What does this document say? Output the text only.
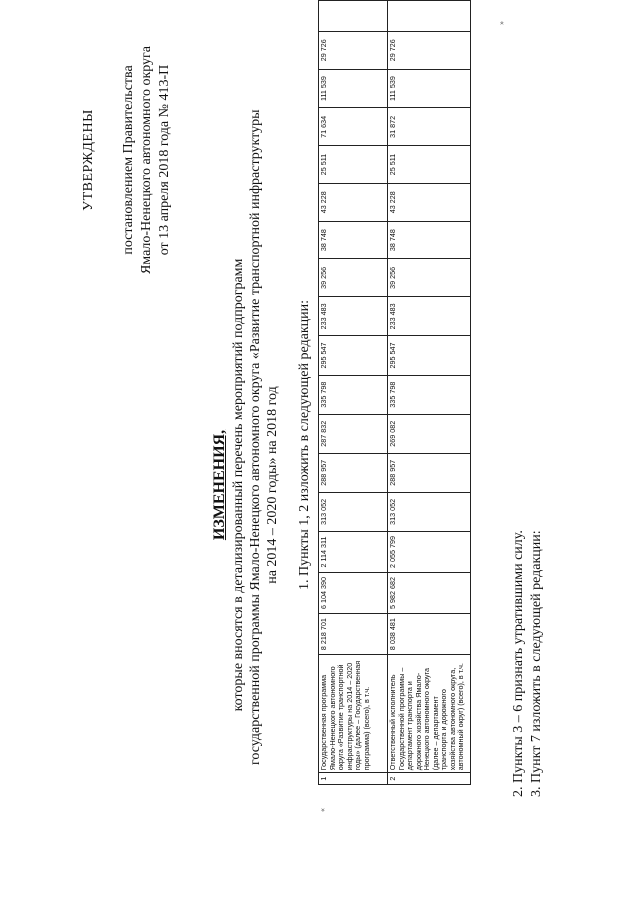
УТВЕРЖДЕНЫ постановлением Правительства Ямало-Ненецкого автономного округа от 13 апреля 2018 года № 413-П
ИЗМЕНЕНИЯ, которые вносятся в детализированный перечень мероприятий подпрограмм государственной программы Ямало-Ненецкого автономного округа «Развитие транспортной инфраструктуры на 2014 – 2020 годы» на 2018 год 1. Пункты 1, 2 изложить в следующей редакции:
«
1	Государственная программа Ямало-Ненецкого автономного округа «Развитие транспортной инфраструктуры на 2014 – 2020 годы» (далее – Государственная программа) (всего), в т.ч.	8 218 701	6 104 390	2 114 311	313 052	288 957	287 832	335 798	295 547	233 483	39 256	38 748	43 228	25 511	71 634	111 539	29 726	
2	Ответственный исполнитель Государственной программы – департамент транспорта и дорожного хозяйства Ямало-Ненецкого автономного округа (далее – департамент транспорта и дорожного хозяйства автономного округа, автономный округ) (всего), в т.ч.	8 038 481	5 982 682	2 055 799	313 052	288 957	269 082	335 798	295 547	233 483	39 256	38 748	43 228	25 511	31 872	111 539	29 726	
»
2. Пункты 3 – 6 признать утратившими силу. 3. Пункт 7 изложить в следующей редакции:
